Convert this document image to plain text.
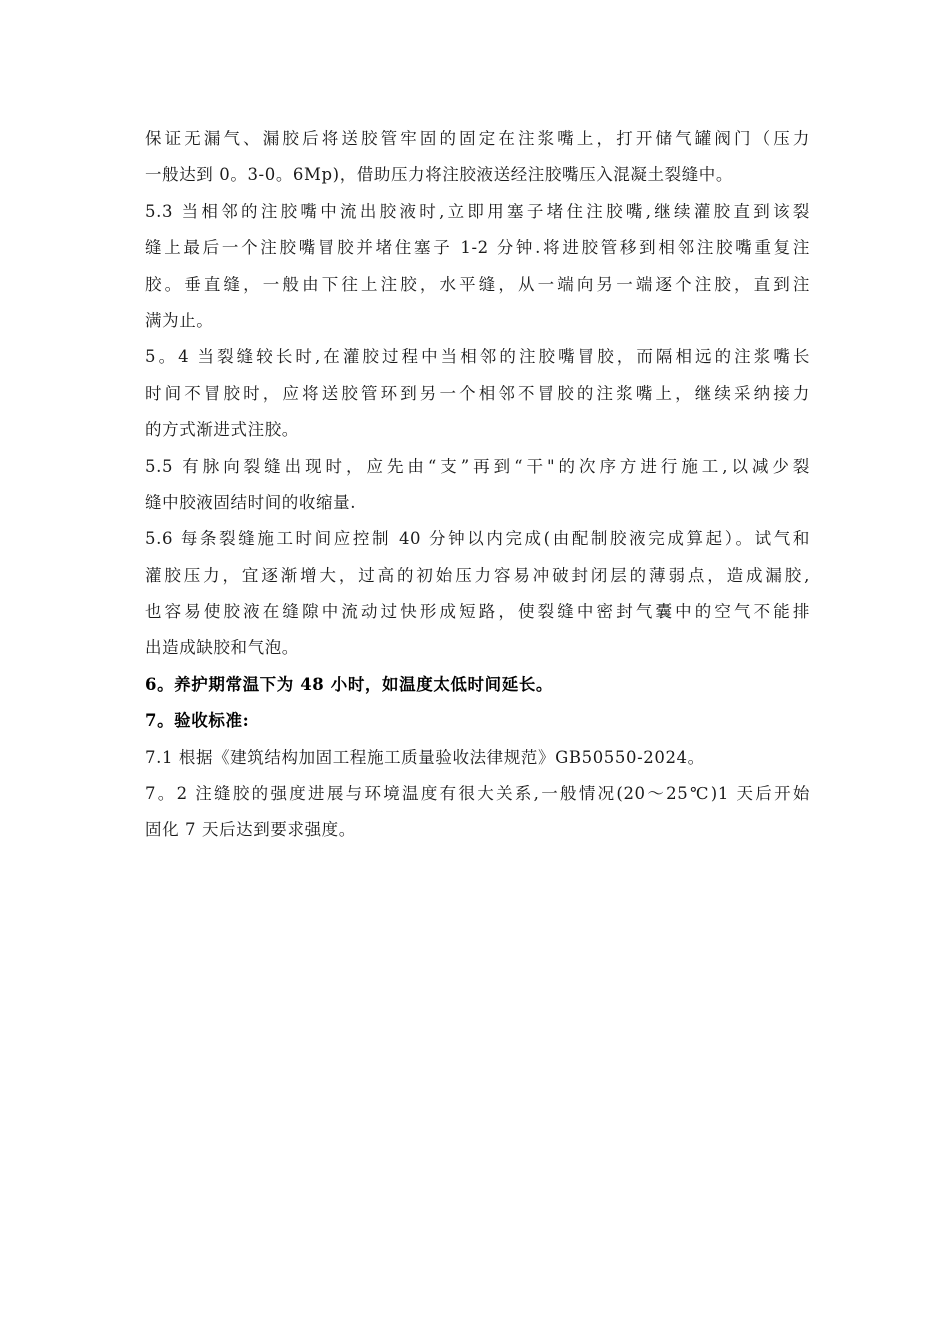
保证无漏气、漏胶后将送胶管牢固的固定在注浆嘴上，打开储气罐阀门（压力
一般达到 0。3-0。6Mp)，借助压力将注胶液送经注胶嘴压入混凝土裂缝中。
5.3 当相邻的注胶嘴中流出胶液时,立即用塞子堵住注胶嘴,继续灌胶直到该裂
缝上最后一个注胶嘴冒胶并堵住塞子 1-2 分钟.将进胶管移到相邻注胶嘴重复注
胶。垂直缝，一般由下往上注胶，水平缝，从一端向另一端逐个注胶，直到注
满为止。
5。4 当裂缝较长时,在灌胶过程中当相邻的注胶嘴冒胶，而隔相远的注浆嘴长
时间不冒胶时，应将送胶管环到另一个相邻不冒胶的注浆嘴上，继续采纳接力
的方式渐进式注胶。
5.5 有脉向裂缝出现时，应先由“支”再到“干"的次序方进行施工,以减少裂
缝中胶液固结时间的收缩量.
5.6 每条裂缝施工时间应控制 40 分钟以内完成(由配制胶液完成算起）。试气和
灌胶压力，宜逐渐增大，过高的初始压力容易冲破封闭层的薄弱点，造成漏胶,
也容易使胶液在缝隙中流动过快形成短路，使裂缝中密封气囊中的空气不能排
出造成缺胶和气泡。
6。养护期常温下为 48 小时，如温度太低时间延长。
7。验收标准:
7.1 根据《建筑结构加固工程施工质量验收法律规范》GB50550-2024。
7。2 注缝胶的强度进展与环境温度有很大关系,一般情况(20～25℃)1 天后开始
固化 7 天后达到要求强度。
